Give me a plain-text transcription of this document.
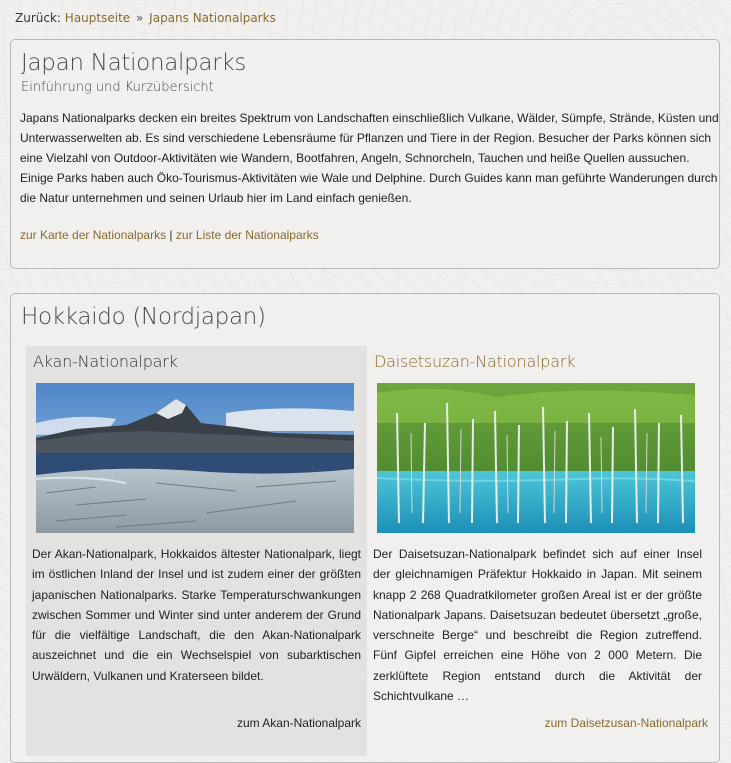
Zurück: Hauptseite » Japans Nationalparks
Japan Nationalparks
Einführung und Kurzübersicht
Japans Nationalparks decken ein breites Spektrum von Landschaften einschließlich Vulkane, Wälder, Sümpfe, Strände, Küsten und Unterwasserwelten ab. Es sind verschiedene Lebensräume für Pflanzen und Tiere in der Region. Besucher der Parks können sich eine Vielzahl von Outdoor-Aktivitäten wie Wandern, Bootfahren, Angeln, Schnorcheln, Tauchen und heiße Quellen aussuchen. Einige Parks haben auch Öko-Tourismus-Aktivitäten wie Wale und Delphine. Durch Guides kann man geführte Wanderungen durch die Natur unternehmen und seinen Urlaub hier im Land einfach genießen.
zur Karte der Nationalparks | zur Liste der Nationalparks
Hokkaido (Nordjapan)
Akan-Nationalpark
Der Akan-Nationalpark, Hokkaidos ältester Nationalpark, liegt im östlichen Inland der Insel und ist zudem einer der größten japanischen Nationalparks. Starke Temperaturschwankungen zwischen Sommer und Winter sind unter anderem der Grund für die vielfältige Landschaft, die den Akan-Nationalpark auszeichnet und die ein Wechselspiel von subarktischen Urwäldern, Vulkanen und Kraterseen bildet.
zum Akan-Nationalpark
Daisetsuzan-Nationalpark
Der Daisetsuzan-Nationalpark befindet sich auf einer Insel der gleichnamigen Präfektur Hokkaido in Japan. Mit seinem knapp 2 268 Quadratkilometer großen Areal ist er der größte Nationalpark Japans. Daisetsuzan bedeutet übersetzt „große, verschneite Berge“ und beschreibt die Region zutreffend. Fünf Gipfel erreichen eine Höhe von 2 000 Metern. Die zerklüftete Region entstand durch die Aktivität der Schichtvulkane …
zum Daisetzusan-Nationalpark
